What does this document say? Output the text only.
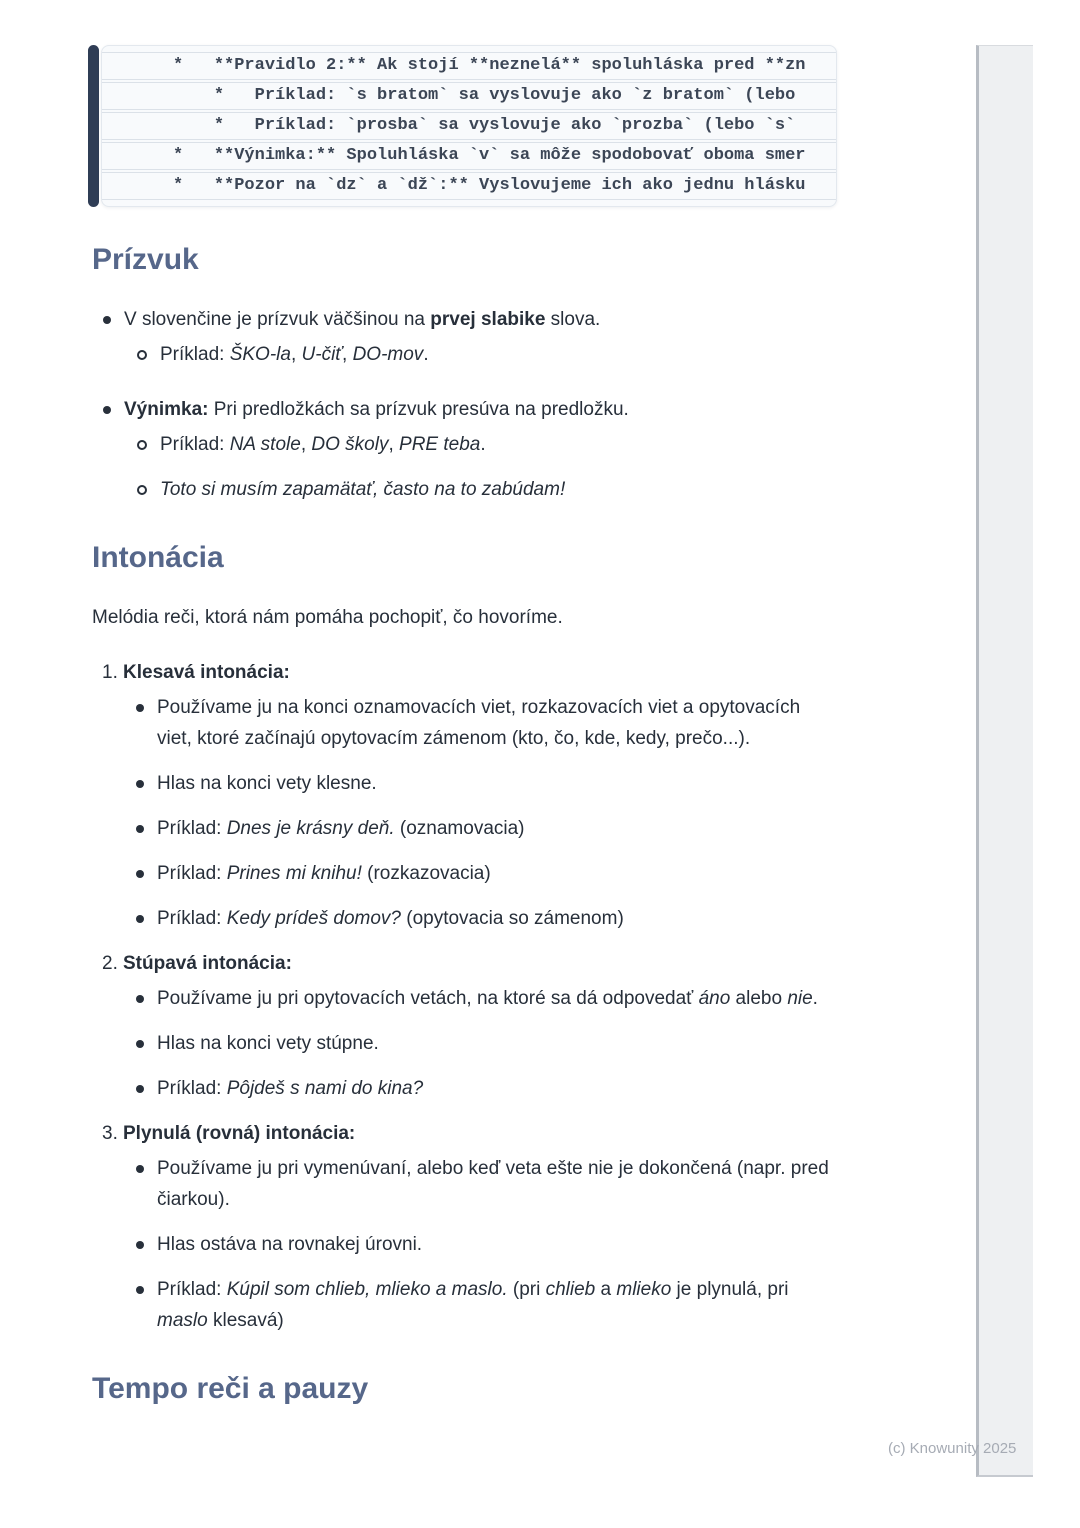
*   **Pravidlo 2:** Ak stojí **neznelá** spoluhláska pred **zn
*   Príklad: `s bratom` sa vyslovuje ako `z bratom` (lebo
*   Príklad: `prosba` sa vyslovuje ako `prozba` (lebo `s`
*   **Výnimka:** Spoluhláska `v` sa môže spodobovať oboma smer
*   **Pozor na `dz` a `dž`:** Vyslovujeme ich ako jednu hlásku
Prízvuk
V slovenčine je prízvuk väčšinou na prvej slabike slova.
Príklad: ŠKO-la, U-čiť, DO-mov.
Výnimka: Pri predložkách sa prízvuk presúva na predložku.
Príklad: NA stole, DO školy, PRE teba.
Toto si musím zapamätať, často na to zabúdam!
Intonácia

Melódia reči, ktorá nám pomáha pochopiť, čo hovoríme.

1. Klesavá intonácia:
Používame ju na konci oznamovacích viet, rozkazovacích viet a opytovacích viet, ktoré začínajú opytovacím zámenom (kto, čo, kde, kedy, prečo...).
Hlas na konci vety klesne.
Príklad: Dnes je krásny deň. (oznamovacia)
Príklad: Prines mi knihu! (rozkazovacia)
Príklad: Kedy prídeš domov? (opytovacia so zámenom)
2. Stúpavá intonácia:
Používame ju pri opytovacích vetách, na ktoré sa dá odpovedať áno alebo nie.
Hlas na konci vety stúpne.
Príklad: Pôjdeš s nami do kina?
3. Plynulá (rovná) intonácia:
Používame ju pri vymenúvaní, alebo keď veta ešte nie je dokončená (napr. pred čiarkou).
Hlas ostáva na rovnakej úrovni.
Príklad: Kúpil som chlieb, mlieko a maslo. (pri chlieb a mlieko je plynulá, pri maslo klesavá)
Tempo reči a pauzy
(c) Knowunity 2025
